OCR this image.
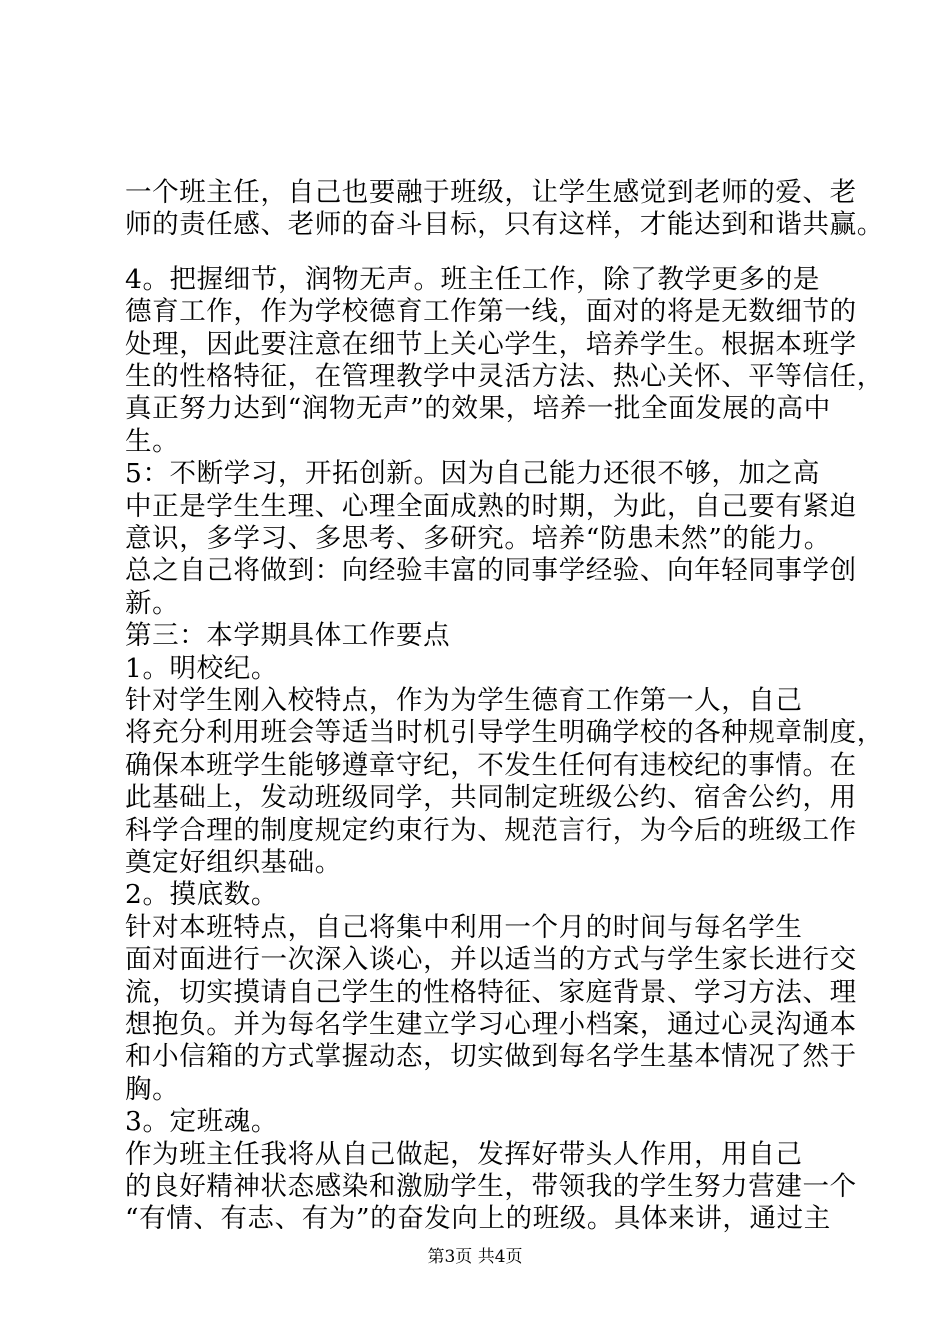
一个班主任，自己也要融于班级，让学生感觉到老师的爱、老
师的责任感、老师的奋斗目标，只有这样，才能达到和谐共赢。
4。把握细节，润物无声。班主任工作，除了教学更多的是
德育工作，作为学校德育工作第一线，面对的将是无数细节的
处理，因此要注意在细节上关心学生，培养学生。根据本班学
生的性格特征，在管理教学中灵活方法、热心关怀、平等信任，
真正努力达到“润物无声”的效果，培养一批全面发展的高中
生。
5：不断学习，开拓创新。因为自己能力还很不够，加之高
中正是学生生理、心理全面成熟的时期，为此，自己要有紧迫
意识，多学习、多思考、多研究。培养“防患未然”的能力。
总之自己将做到：向经验丰富的同事学经验、向年轻同事学创
新。
第三：本学期具体工作要点
1。明校纪。
针对学生刚入校特点，作为为学生德育工作第一人，自己
将充分利用班会等适当时机引导学生明确学校的各种规章制度，
确保本班学生能够遵章守纪，不发生任何有违校纪的事情。在
此基础上，发动班级同学，共同制定班级公约、宿舍公约，用
科学合理的制度规定约束行为、规范言行，为今后的班级工作
奠定好组织基础。
2。摸底数。
针对本班特点，自己将集中利用一个月的时间与每名学生
面对面进行一次深入谈心，并以适当的方式与学生家长进行交
流，切实摸请自己学生的性格特征、家庭背景、学习方法、理
想抱负。并为每名学生建立学习心理小档案，通过心灵沟通本
和小信箱的方式掌握动态，切实做到每名学生基本情况了然于
胸。
3。定班魂。
作为班主任我将从自己做起，发挥好带头人作用，用自己
的良好精神状态感染和激励学生，带领我的学生努力营建一个
“有情、有志、有为”的奋发向上的班级。具体来讲，通过主
第3页 共4页
